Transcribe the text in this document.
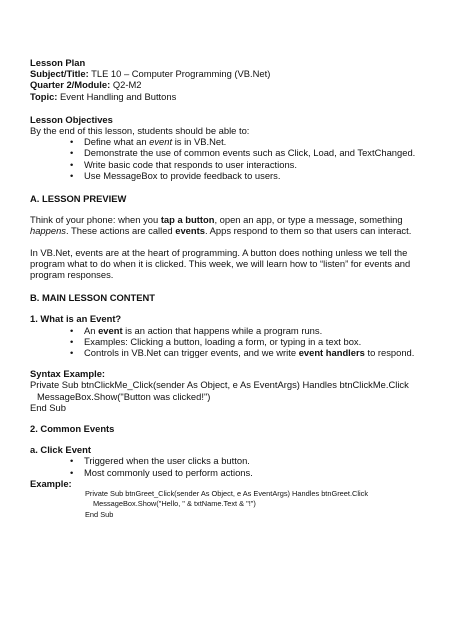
Lesson Plan
Subject/Title: TLE 10 – Computer Programming (VB.Net)
Quarter 2/Module: Q2-M2
Topic: Event Handling and Buttons
Lesson Objectives
By the end of this lesson, students should be able to:
• Define what an event is in VB.Net.
• Demonstrate the use of common events such as Click, Load, and TextChanged.
• Write basic code that responds to user interactions.
• Use MessageBox to provide feedback to users.
A. LESSON PREVIEW
Think of your phone: when you tap a button, open an app, or type a message, something happens. These actions are called events. Apps respond to them so that users can interact.
In VB.Net, events are at the heart of programming. A button does nothing unless we tell the program what to do when it is clicked. This week, we will learn how to “listen” for events and program responses.
B. MAIN LESSON CONTENT
1. What is an Event?
• An event is an action that happens while a program runs.
• Examples: Clicking a button, loading a form, or typing in a text box.
• Controls in VB.Net can trigger events, and we write event handlers to respond.
Syntax Example:
Private Sub btnClickMe_Click(sender As Object, e As EventArgs) Handles btnClickMe.Click
MessageBox.Show("Button was clicked!")
End Sub
2. Common Events
a. Click Event
• Triggered when the user clicks a button.
• Most commonly used to perform actions.
Example:
Private Sub btnGreet_Click(sender As Object, e As EventArgs) Handles btnGreet.Click
MessageBox.Show("Hello, " & txtName.Text & "!")
End Sub
